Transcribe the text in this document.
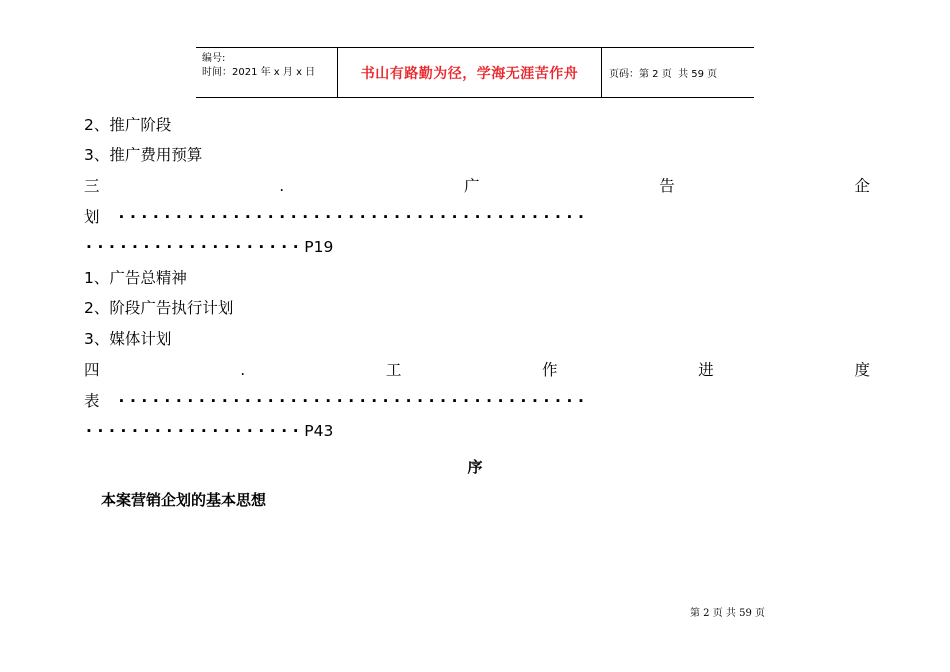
编号:
时间：2021 年 x 月 x 日	书山有路勤为径，学海无涯苦作舟	页码：第 2 页  共 59 页
2、推广阶段
3、推广费用预算
三	.	广	告	企
划 ·········································
···················P19
1、广告总精神
2、阶段广告执行计划
3、媒体计划
四	.	工	作	进	度
表 ·········································
···················P43
序
本案营销企划的基本思想
第 2 页 共 59 页
